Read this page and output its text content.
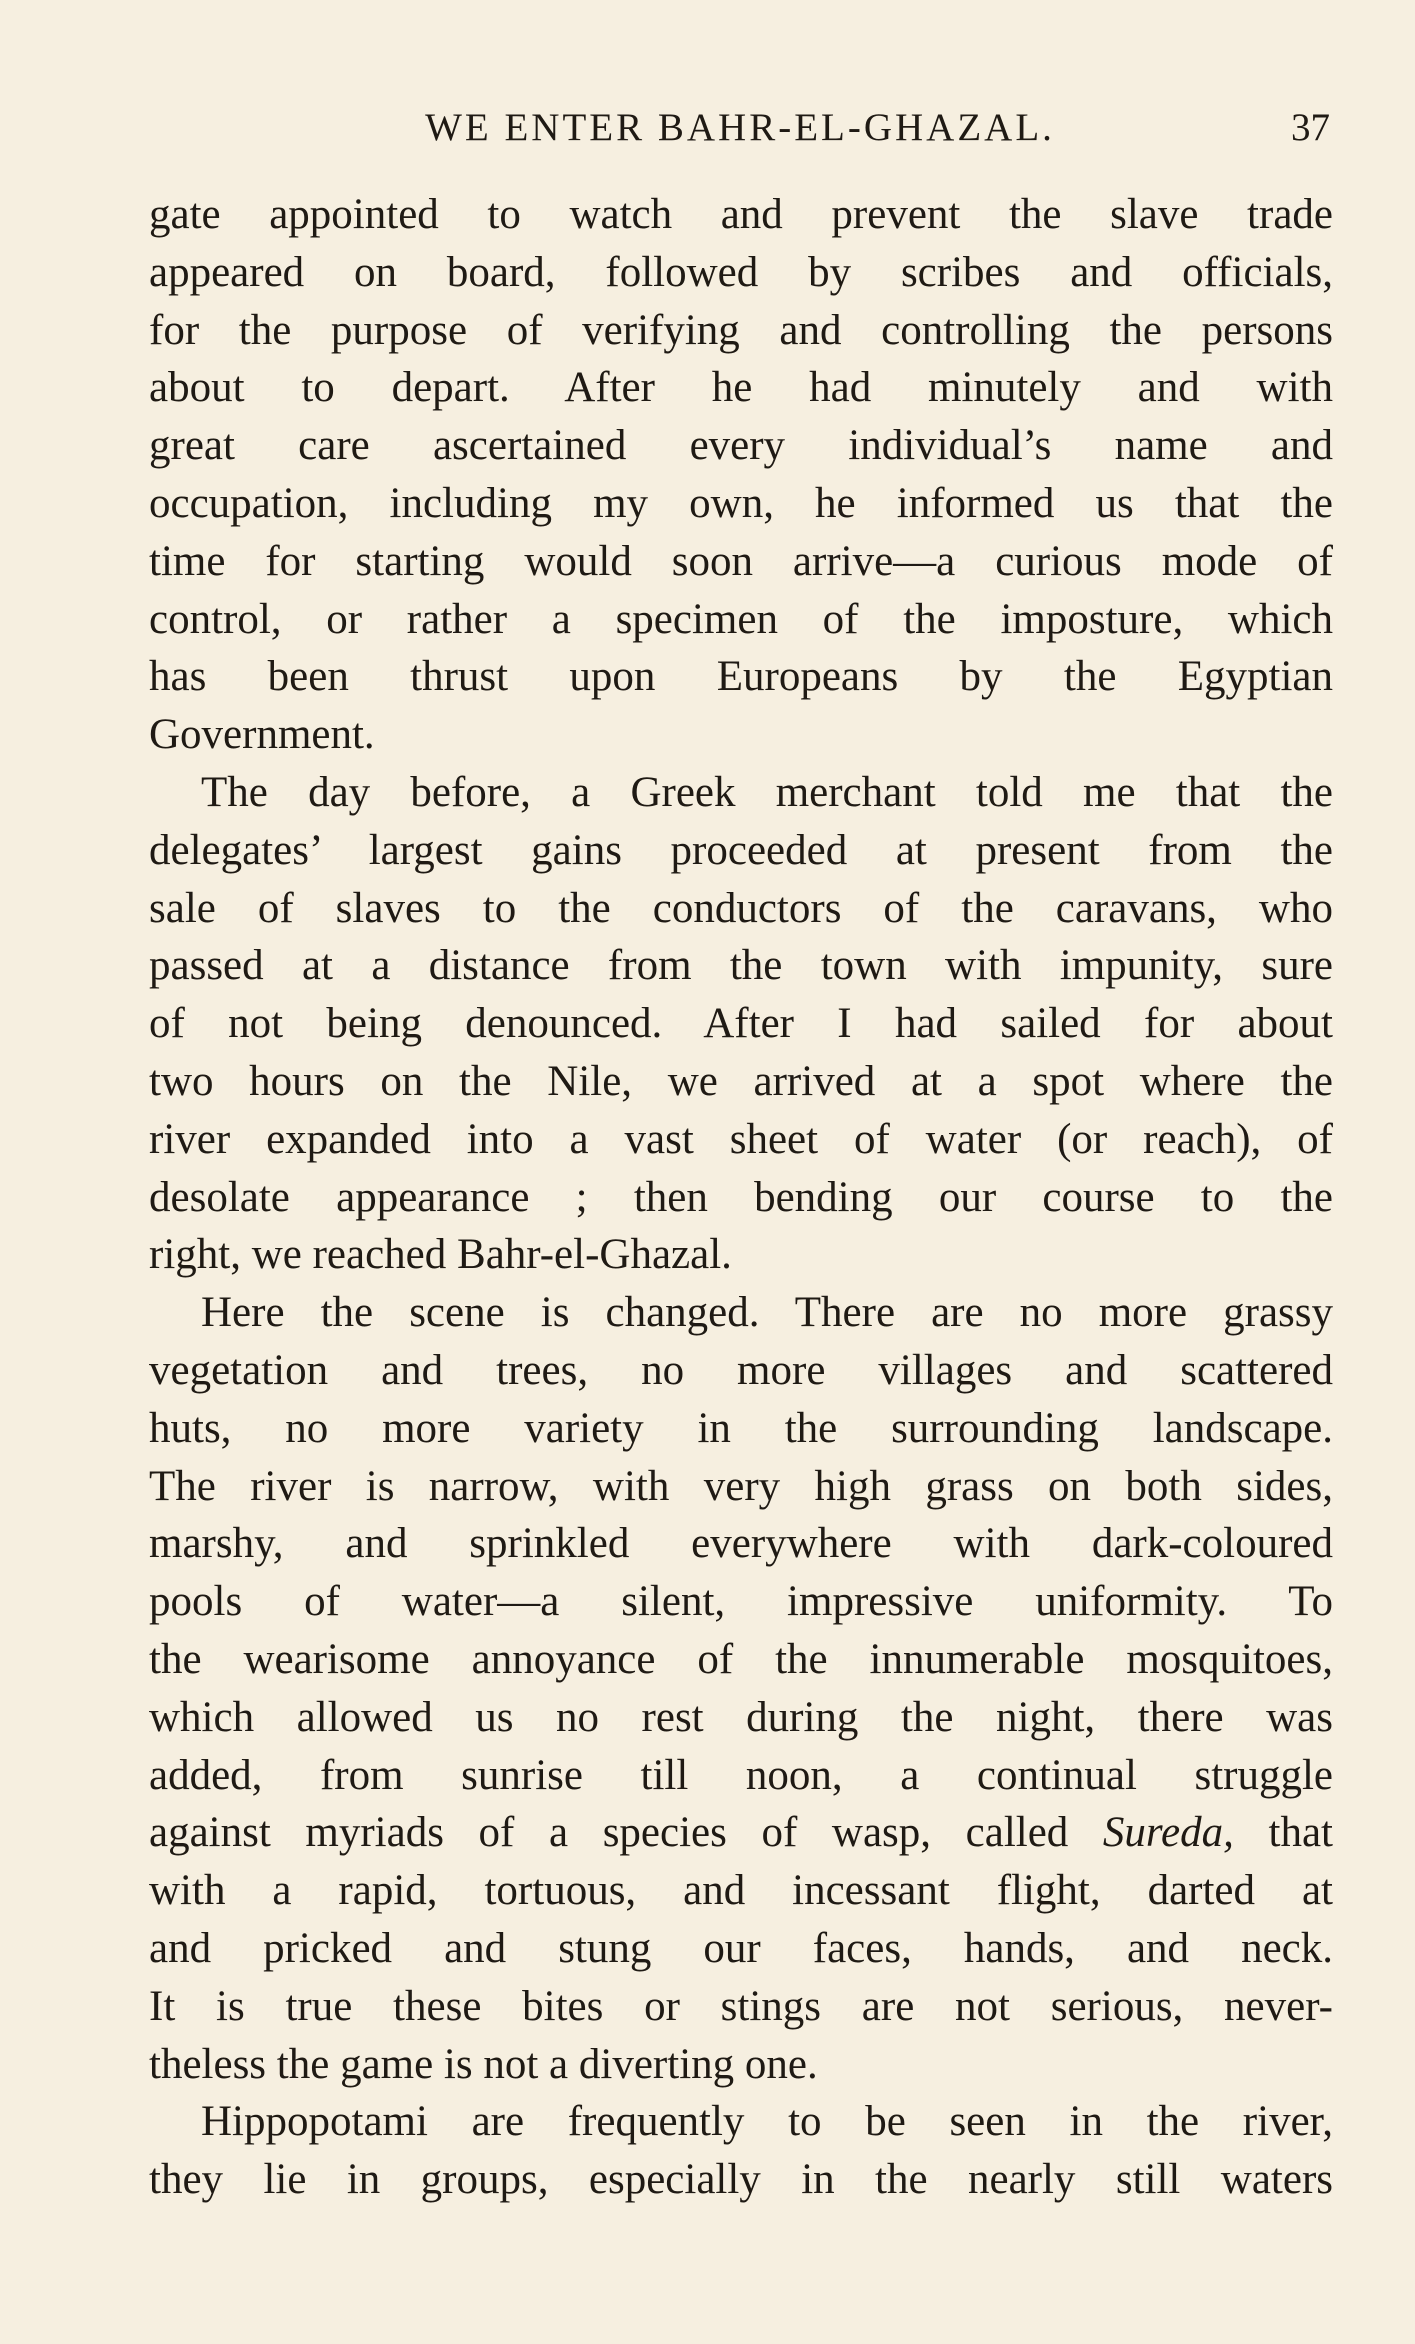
WE ENTER BAHR-EL-GHAZAL.	37
gate appointed to watch and prevent the slave trade
appeared on board, followed by scribes and officials,
for the purpose of verifying and controlling the persons
about to depart. After he had minutely and with
great care ascertained every individual’s name and
occupation, including my own, he informed us that the
time for starting would soon arrive—a curious mode of
control, or rather a specimen of the imposture, which
has been thrust upon Europeans by the Egyptian
Government.
The day before, a Greek merchant told me that the
delegates’ largest gains proceeded at present from the
sale of slaves to the conductors of the caravans, who
passed at a distance from the town with impunity, sure
of not being denounced. After I had sailed for about
two hours on the Nile, we arrived at a spot where the
river expanded into a vast sheet of water (or reach), of
desolate appearance ; then bending our course to the
right, we reached Bahr-el-Ghazal.
Here the scene is changed. There are no more grassy
vegetation and trees, no more villages and scattered
huts, no more variety in the surrounding landscape.
The river is narrow, with very high grass on both sides,
marshy, and sprinkled everywhere with dark-coloured
pools of water—a silent, impressive uniformity. To
the wearisome annoyance of the innumerable mosquitoes,
which allowed us no rest during the night, there was
added, from sunrise till noon, a continual struggle
against myriads of a species of wasp, called Sureda, that
with a rapid, tortuous, and incessant flight, darted at
and pricked and stung our faces, hands, and neck.
It is true these bites or stings are not serious, never-
theless the game is not a diverting one.
Hippopotami are frequently to be seen in the river,
they lie in groups, especially in the nearly still waters
